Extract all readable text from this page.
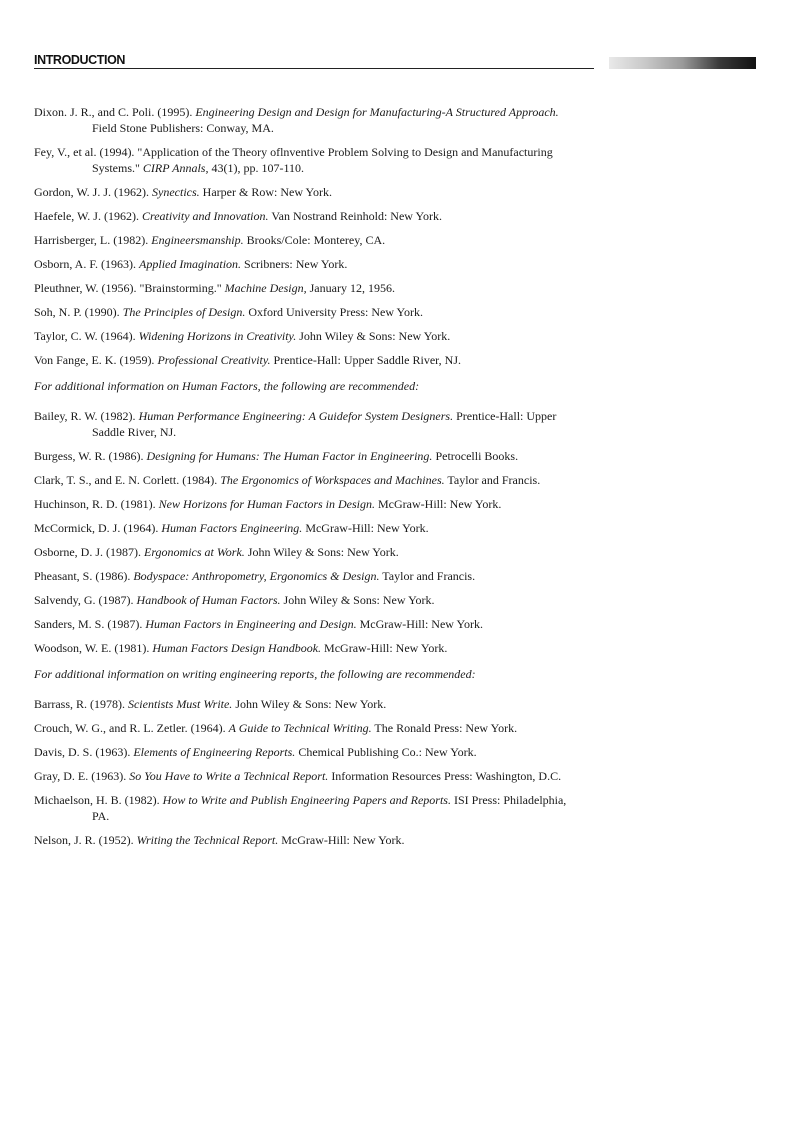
INTRODUCTION

Dixon. J. R., and C. Poli. (1995). Engineering Design and Design for Manufacturing-A Structured Approach. Field Stone Publishers: Conway, MA.

Fey, V., et al. (1994). "Application of the Theory oflnventive Problem Solving to Design and Manufacturing Systems." CIRP Annals, 43(1), pp. 107-110.

Gordon, W. J. J. (1962). Synectics. Harper & Row: New York.

Haefele, W. J. (1962). Creativity and Innovation. Van Nostrand Reinhold: New York.

Harrisberger, L. (1982). Engineersmanship. Brooks/Cole: Monterey, CA.

Osborn, A. F. (1963). Applied Imagination. Scribners: New York.

Pleuthner, W. (1956). "Brainstorming." Machine Design, January 12, 1956.

Soh, N. P. (1990). The Principles of Design. Oxford University Press: New York.

Taylor, C. W. (1964). Widening Horizons in Creativity. John Wiley & Sons: New York.

Von Fange, E. K. (1959). Professional Creativity. Prentice-Hall: Upper Saddle River, NJ.

For additional information on Human Factors, the following are recommended:

Bailey, R. W. (1982). Human Performance Engineering: A Guidefor System Designers. Prentice-Hall: Upper Saddle River, NJ.

Burgess, W. R. (1986). Designing for Humans: The Human Factor in Engineering. Petrocelli Books.

Clark, T. S., and E. N. Corlett. (1984). The Ergonomics of Workspaces and Machines. Taylor and Francis.

Huchinson, R. D. (1981). New Horizons for Human Factors in Design. McGraw-Hill: New York.

McCormick, D. J. (1964). Human Factors Engineering. McGraw-Hill: New York.

Osborne, D. J. (1987). Ergonomics at Work. John Wiley & Sons: New York.

Pheasant, S. (1986). Bodyspace: Anthropometry, Ergonomics & Design. Taylor and Francis.

Salvendy, G. (1987). Handbook of Human Factors. John Wiley & Sons: New York.

Sanders, M. S. (1987). Human Factors in Engineering and Design. McGraw-Hill: New York.

Woodson, W. E. (1981). Human Factors Design Handbook. McGraw-Hill: New York.

For additional information on writing engineering reports, the following are recommended:

Barrass, R. (1978). Scientists Must Write. John Wiley & Sons: New York.

Crouch, W. G., and R. L. Zetler. (1964). A Guide to Technical Writing. The Ronald Press: New York.

Davis, D. S. (1963). Elements of Engineering Reports. Chemical Publishing Co.: New York.

Gray, D. E. (1963). So You Have to Write a Technical Report. Information Resources Press: Washington, D.C.

Michaelson, H. B. (1982). How to Write and Publish Engineering Papers and Reports. ISI Press: Philadelphia, PA.

Nelson, J. R. (1952). Writing the Technical Report. McGraw-Hill: New York.
